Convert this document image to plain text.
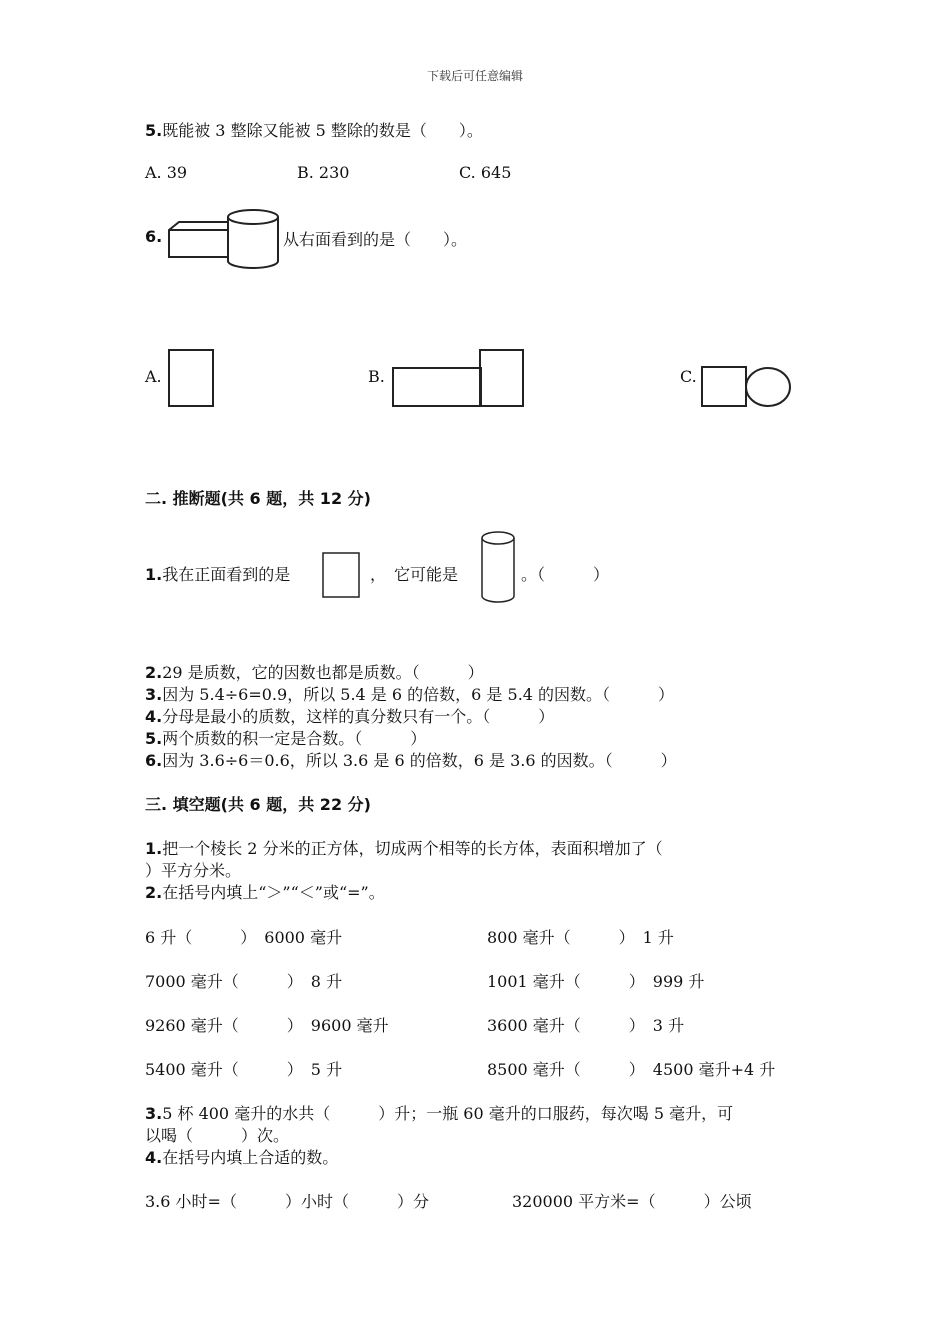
下载后可任意编辑
5.既能被 3 整除又能被 5 整除的数是（　　）。
A. 39	B. 230	C. 645
6.	从右面看到的是（　　）。
A.	B.	C.
二. 推断题(共 6 题，共 12 分)
1.我在正面看到的是	，　它可能是	。（　　　）
2.29 是质数，它的因数也都是质数。（　　　）
3.因为 5.4÷6=0.9，所以 5.4 是 6 的倍数，6 是 5.4 的因数。（　　　）
4.分母是最小的质数，这样的真分数只有一个。（　　　）
5.两个质数的积一定是合数。（　　　）
6.因为 3.6÷6＝0.6，所以 3.6 是 6 的倍数，6 是 3.6 的因数。（　　　）
三. 填空题(共 6 题，共 22 分)
1.把一个棱长 2 分米的正方体，切成两个相等的长方体，表面积增加了（
）平方分米。
2.在括号内填上“＞”“＜”或“=”。
6 升（　　　）　6000 毫升	800 毫升（　　　）　1 升
7000 毫升（　　　）　8 升	1001 毫升（　　　）　999 升
9260 毫升（　　　）　9600 毫升	3600 毫升（　　　）　3 升
5400 毫升（　　　）　5 升	8500 毫升（　　　）　4500 毫升+4 升
3.5 杯 400 毫升的水共（　　　）升；一瓶 60 毫升的口服药，每次喝 5 毫升，可
以喝（　　　）次。
4.在括号内填上合适的数。
3.6 小时=（　　　）小时（　　　）分	320000 平方米=（　　　）公顷
